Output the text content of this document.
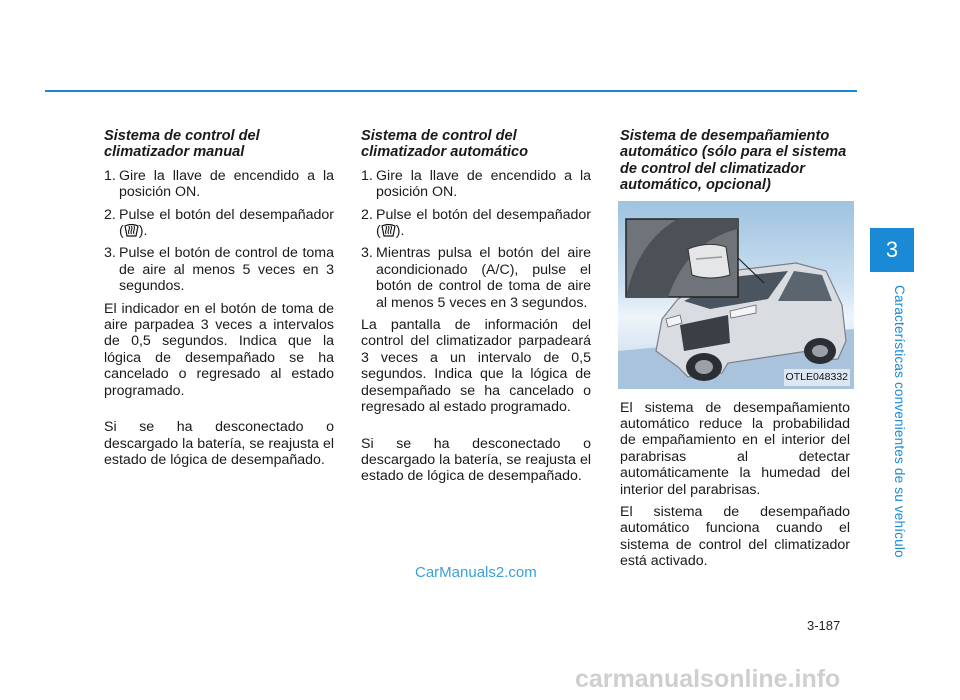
Sistema de control del climatizador manual
1. Gire la llave de encendido a la posición ON.
2. Pulse el botón del desempañador ( ).
3. Pulse el botón de control de toma de aire al menos 5 veces en 3 segundos.

El indicador en el botón de toma de aire parpadea 3 veces a intervalos de 0,5 segundos. Indica que la lógica de desempañado se ha cancelado o regresado al estado programado.

Si se ha desconectado o descargado la batería, se reajusta el estado de lógica de desempañado.

Sistema de control del climatizador automático
1. Gire la llave de encendido a la posición ON.
2. Pulse el botón del desempañador ( ).
3. Mientras pulsa el botón del aire acondicionado (A/C), pulse el botón de control de toma de aire al menos 5 veces en 3 segundos.

La pantalla de información del control del climatizador parpadeará 3 veces a un intervalo de 0,5 segundos. Indica que la lógica de desempañado se ha cancelado o regresado al estado programado.

Si se ha desconectado o descargado la batería, se reajusta el estado de lógica de desempañado.

Sistema de desempañamiento automático (sólo para el sistema de control del climatizador automático, opcional)
OTLE048332

El sistema de desempañamiento automático reduce la probabilidad de empañamiento en el interior del parabrisas al detectar automáticamente la humedad del interior del parabrisas.

El sistema de desempañado automático funciona cuando el sistema de control del climatizador está activado.

3
Características convenientes de su vehículo
3-187
CarManuals2.com
carmanualsonline.info
